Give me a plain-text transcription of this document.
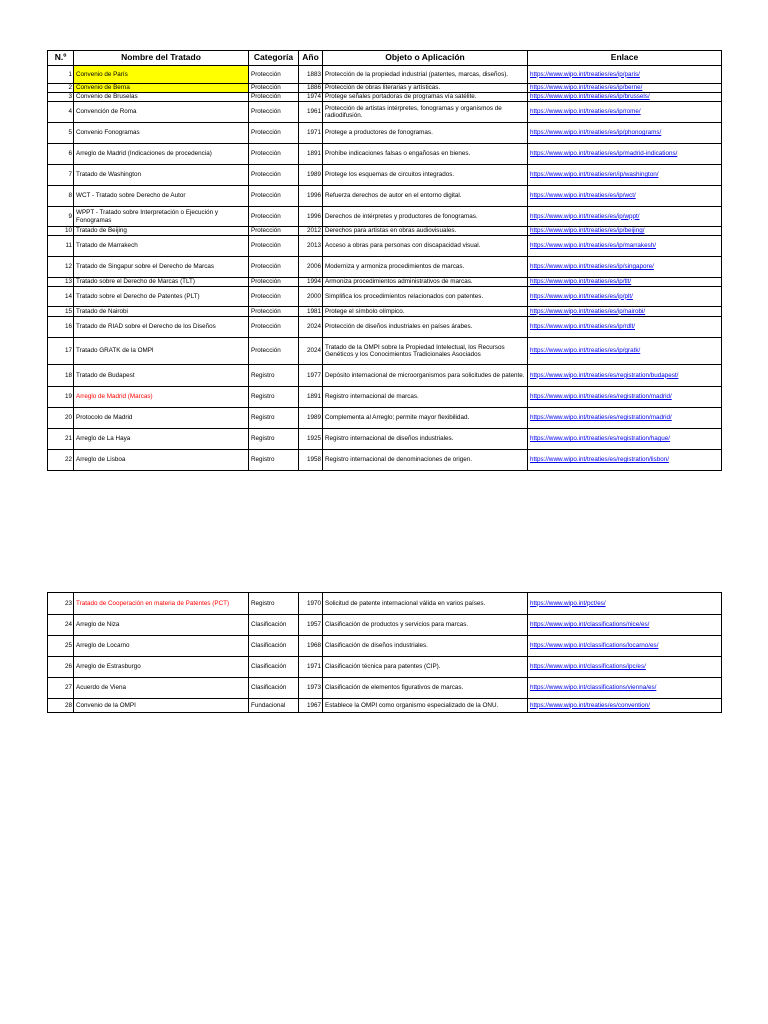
N.º	Nombre del Tratado	Categoría	Año	Objeto o Aplicación	Enlace
1	Convenio de París	Protección	1883	Protección de la propiedad industrial (patentes, marcas, diseños).	https://www.wipo.int/treaties/es/ip/paris/
2	Convenio de Berna	Protección	1886	Protección de obras literarias y artísticas.	https://www.wipo.int/treaties/es/ip/berne/
3	Convenio de Bruselas	Protección	1974	Protege señales portadoras de programas vía satélite.	https://www.wipo.int/treaties/es/ip/brussels/
4	Convención de Roma	Protección	1961	Protección de artistas intérpretes, fonogramas y organismos de radiodifusión.	https://www.wipo.int/treaties/es/ip/rome/
5	Convenio Fonogramas	Protección	1971	Protege a productores de fonogramas.	https://www.wipo.int/treaties/es/ip/phonograms/
6	Arreglo de Madrid (Indicaciones de procedencia)	Protección	1891	Prohíbe indicaciones falsas o engañosas en bienes.	https://www.wipo.int/treaties/es/ip/madrid-indications/
7	Tratado de Washington	Protección	1989	Protege los esquemas de circuitos integrados.	https://www.wipo.int/treaties/en/ip/washington/
8	WCT - Tratado sobre Derecho de Autor	Protección	1996	Refuerza derechos de autor en el entorno digital.	https://www.wipo.int/treaties/es/ip/wct/
9	WPPT - Tratado sobre Interpretación o Ejecución y Fonogramas	Protección	1996	Derechos de intérpretes y productores de fonogramas.	https://www.wipo.int/treaties/es/ip/wppt/
10	Tratado de Beijing	Protección	2012	Derechos para artistas en obras audiovisuales.	https://www.wipo.int/treaties/es/ip/beijing/
11	Tratado de Marrakech	Protección	2013	Acceso a obras para personas con discapacidad visual.	https://www.wipo.int/treaties/es/ip/marrakesh/
12	Tratado de Singapur sobre el Derecho de Marcas	Protección	2006	Moderniza y armoniza procedimientos de marcas.	https://www.wipo.int/treaties/es/ip/singapore/
13	Tratado sobre el Derecho de Marcas (TLT)	Protección	1994	Armoniza procedimientos administrativos de marcas.	https://www.wipo.int/treaties/es/ip/tlt/
14	Tratado sobre el Derecho de Patentes (PLT)	Protección	2000	Simplifica los procedimientos relacionados con patentes.	https://www.wipo.int/treaties/es/ip/plt/
15	Tratado de Nairobi	Protección	1981	Protege el símbolo olímpico.	https://www.wipo.int/treaties/es/ip/nairobi/
16	Tratado de RIAD sobre el Derecho de los Diseños	Protección	2024	Protección de diseños industriales en países árabes.	https://www.wipo.int/treaties/es/ip/rdlt/
17	Tratado GRATK de la OMPI	Protección	2024	Tratado de la OMPI sobre la Propiedad Intelectual, los Recursos Genéticos y los Conocimientos Tradicionales Asociados	https://www.wipo.int/treaties/es/ip/gratk/
18	Tratado de Budapest	Registro	1977	Depósito internacional de microorganismos para solicitudes de patente.	https://www.wipo.int/treaties/es/registration/budapest/
19	Arreglo de Madrid (Marcas)	Registro	1891	Registro internacional de marcas.	https://www.wipo.int/treaties/es/registration/madrid/
20	Protocolo de Madrid	Registro	1989	Complementa al Arreglo; permite mayor flexibilidad.	https://www.wipo.int/treaties/es/registration/madrid/
21	Arreglo de La Haya	Registro	1925	Registro internacional de diseños industriales.	https://www.wipo.int/treaties/es/registration/hague/
22	Arreglo de Lisboa	Registro	1958	Registro internacional de denominaciones de origen.	https://www.wipo.int/treaties/es/registration/lisbon/
23	Tratado de Cooperación en materia de Patentes (PCT)	Registro	1970	Solicitud de patente internacional válida en varios países.	https://www.wipo.int/pct/es/
24	Arreglo de Niza	Clasificación	1957	Clasificación de productos y servicios para marcas.	https://www.wipo.int/classifications/nice/es/
25	Arreglo de Locarno	Clasificación	1968	Clasificación de diseños industriales.	https://www.wipo.int/classifications/locarno/es/
26	Arreglo de Estrasburgo	Clasificación	1971	Clasificación técnica para patentes (CIP).	https://www.wipo.int/classifications/ipc/es/
27	Acuerdo de Viena	Clasificación	1973	Clasificación de elementos figurativos de marcas.	https://www.wipo.int/classifications/vienna/es/
28	Convenio de la OMPI	Fundacional	1967	Establece la OMPI como organismo especializado de la ONU.	https://www.wipo.int/treaties/es/convention/
